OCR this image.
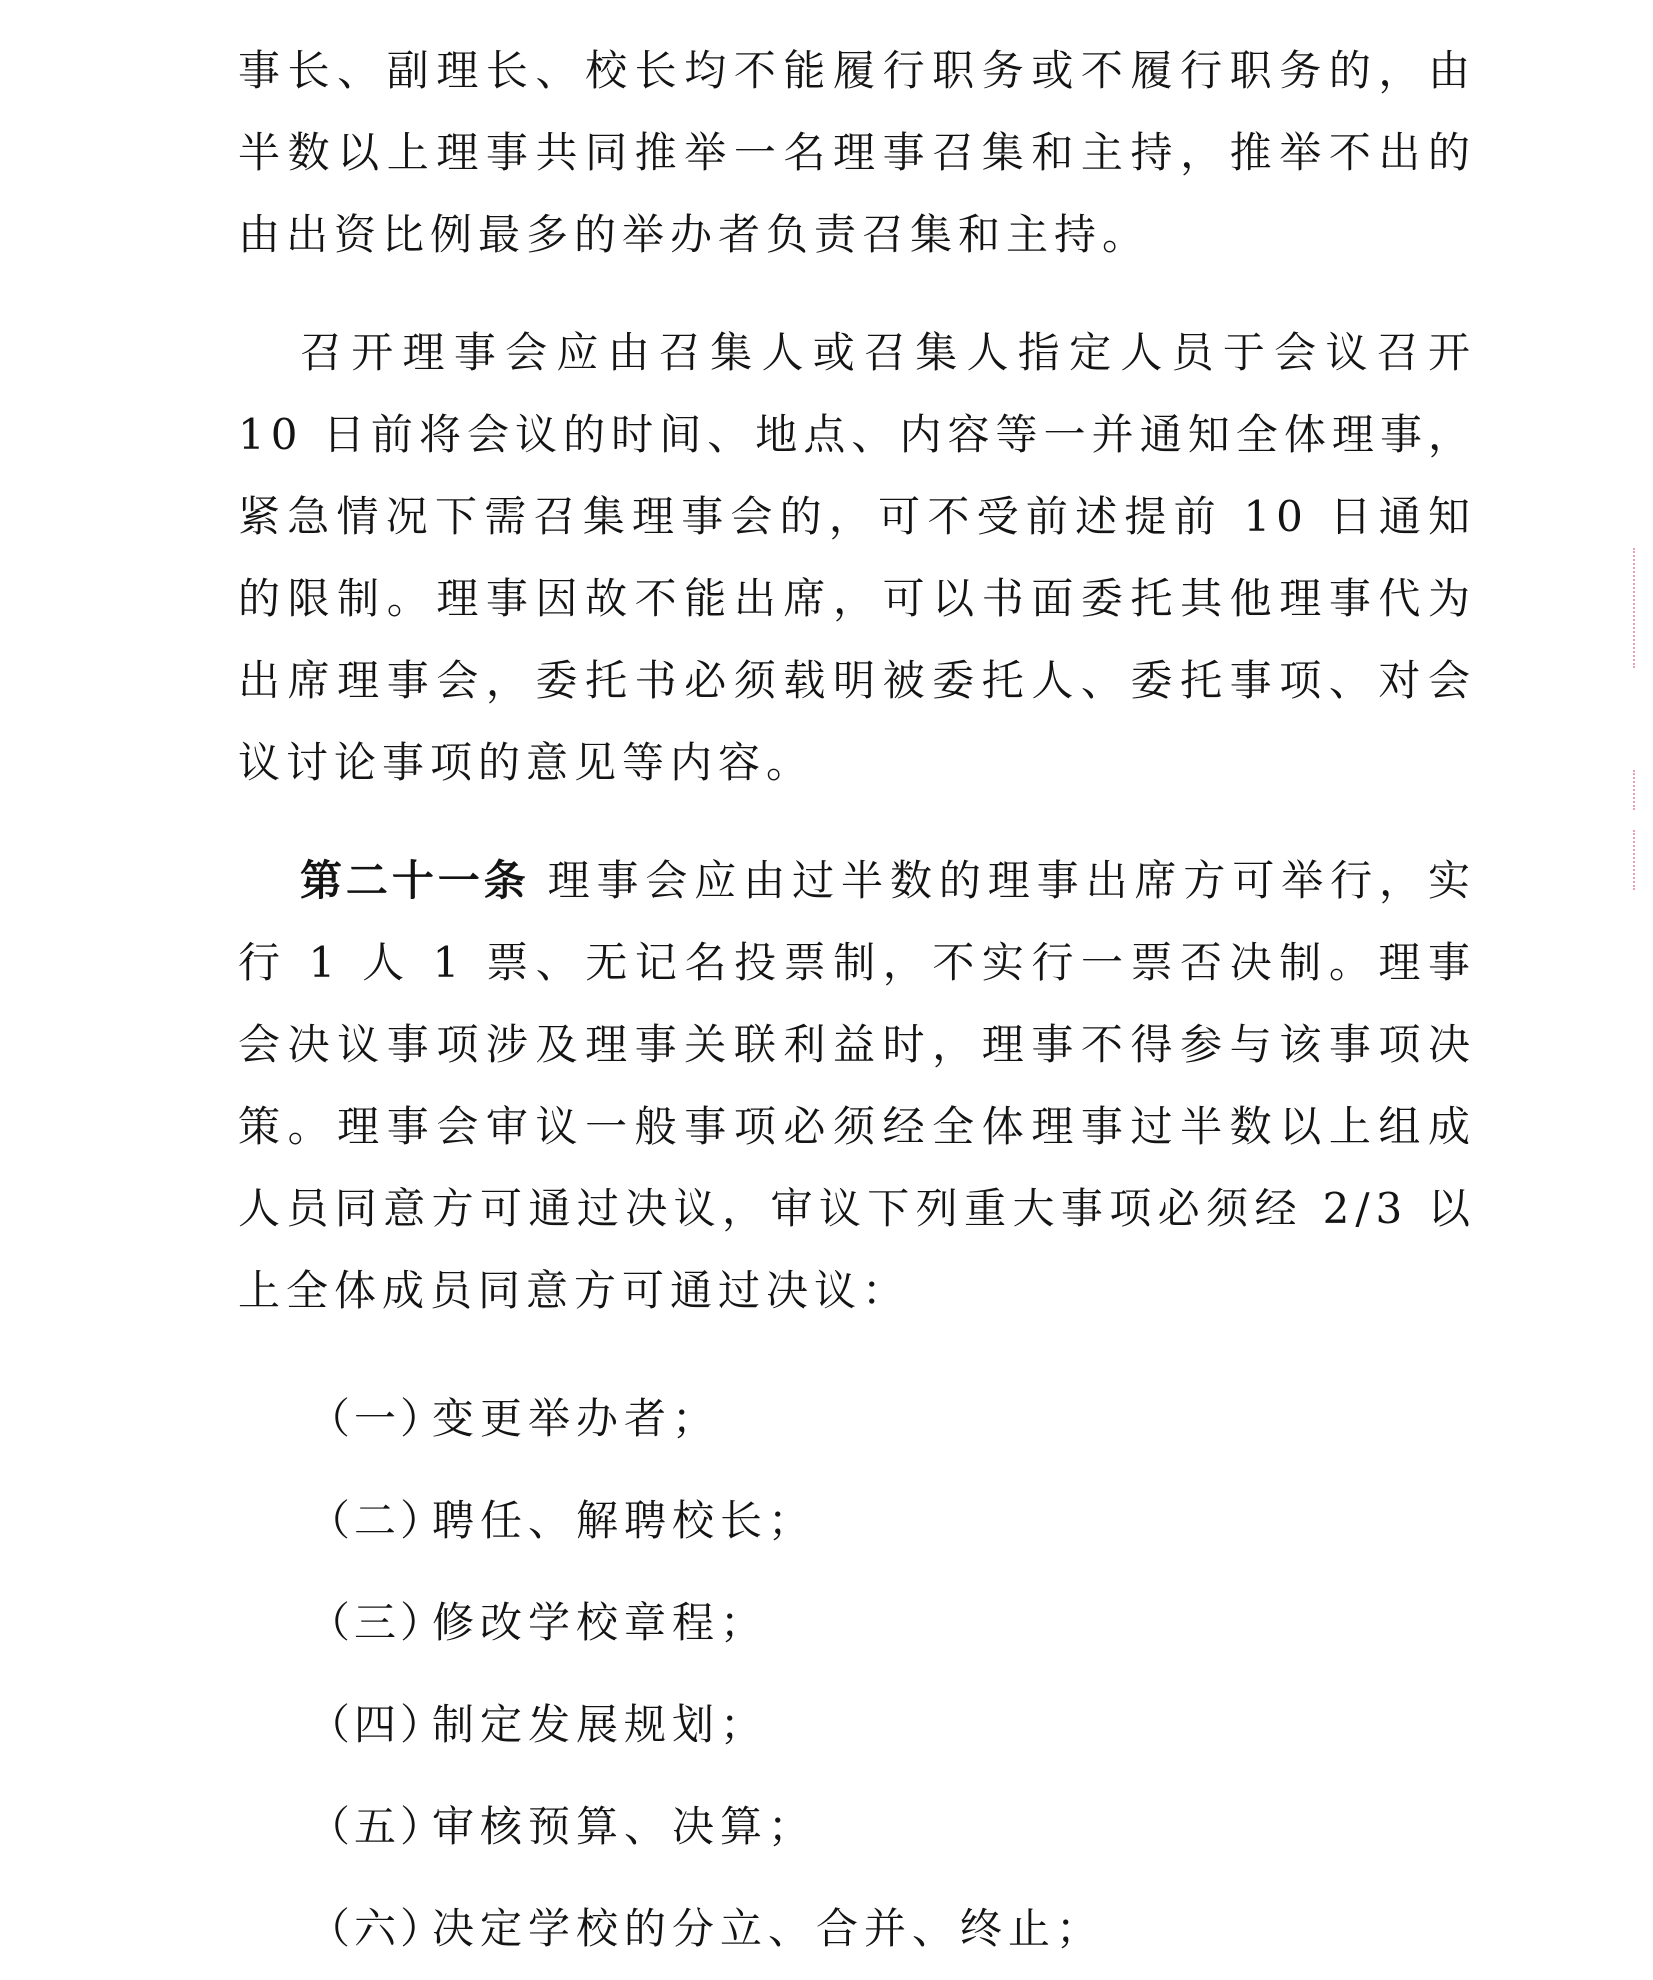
事长、副理长、校长均不能履行职务或不履行职务的，由半数以上理事共同推举一名理事召集和主持，推举不出的由出资比例最多的举办者负责召集和主持。

召开理事会应由召集人或召集人指定人员于会议召开 10 日前将会议的时间、地点、内容等一并通知全体理事，紧急情况下需召集理事会的，可不受前述提前 10 日通知的限制。理事因故不能出席，可以书面委托其他理事代为出席理事会，委托书必须载明被委托人、委托事项、对会议讨论事项的意见等内容。

第二十一条 理事会应由过半数的理事出席方可举行，实行 1 人 1 票、无记名投票制，不实行一票否决制。理事会决议事项涉及理事关联利益时，理事不得参与该事项决策。理事会审议一般事项必须经全体理事过半数以上组成人员同意方可通过决议，审议下列重大事项必须经 2/3 以上全体成员同意方可通过决议：

（一）变更举办者；
（二）聘任、解聘校长；
（三）修改学校章程；
（四）制定发展规划；
（五）审核预算、决算；
（六）决定学校的分立、合并、终止；
